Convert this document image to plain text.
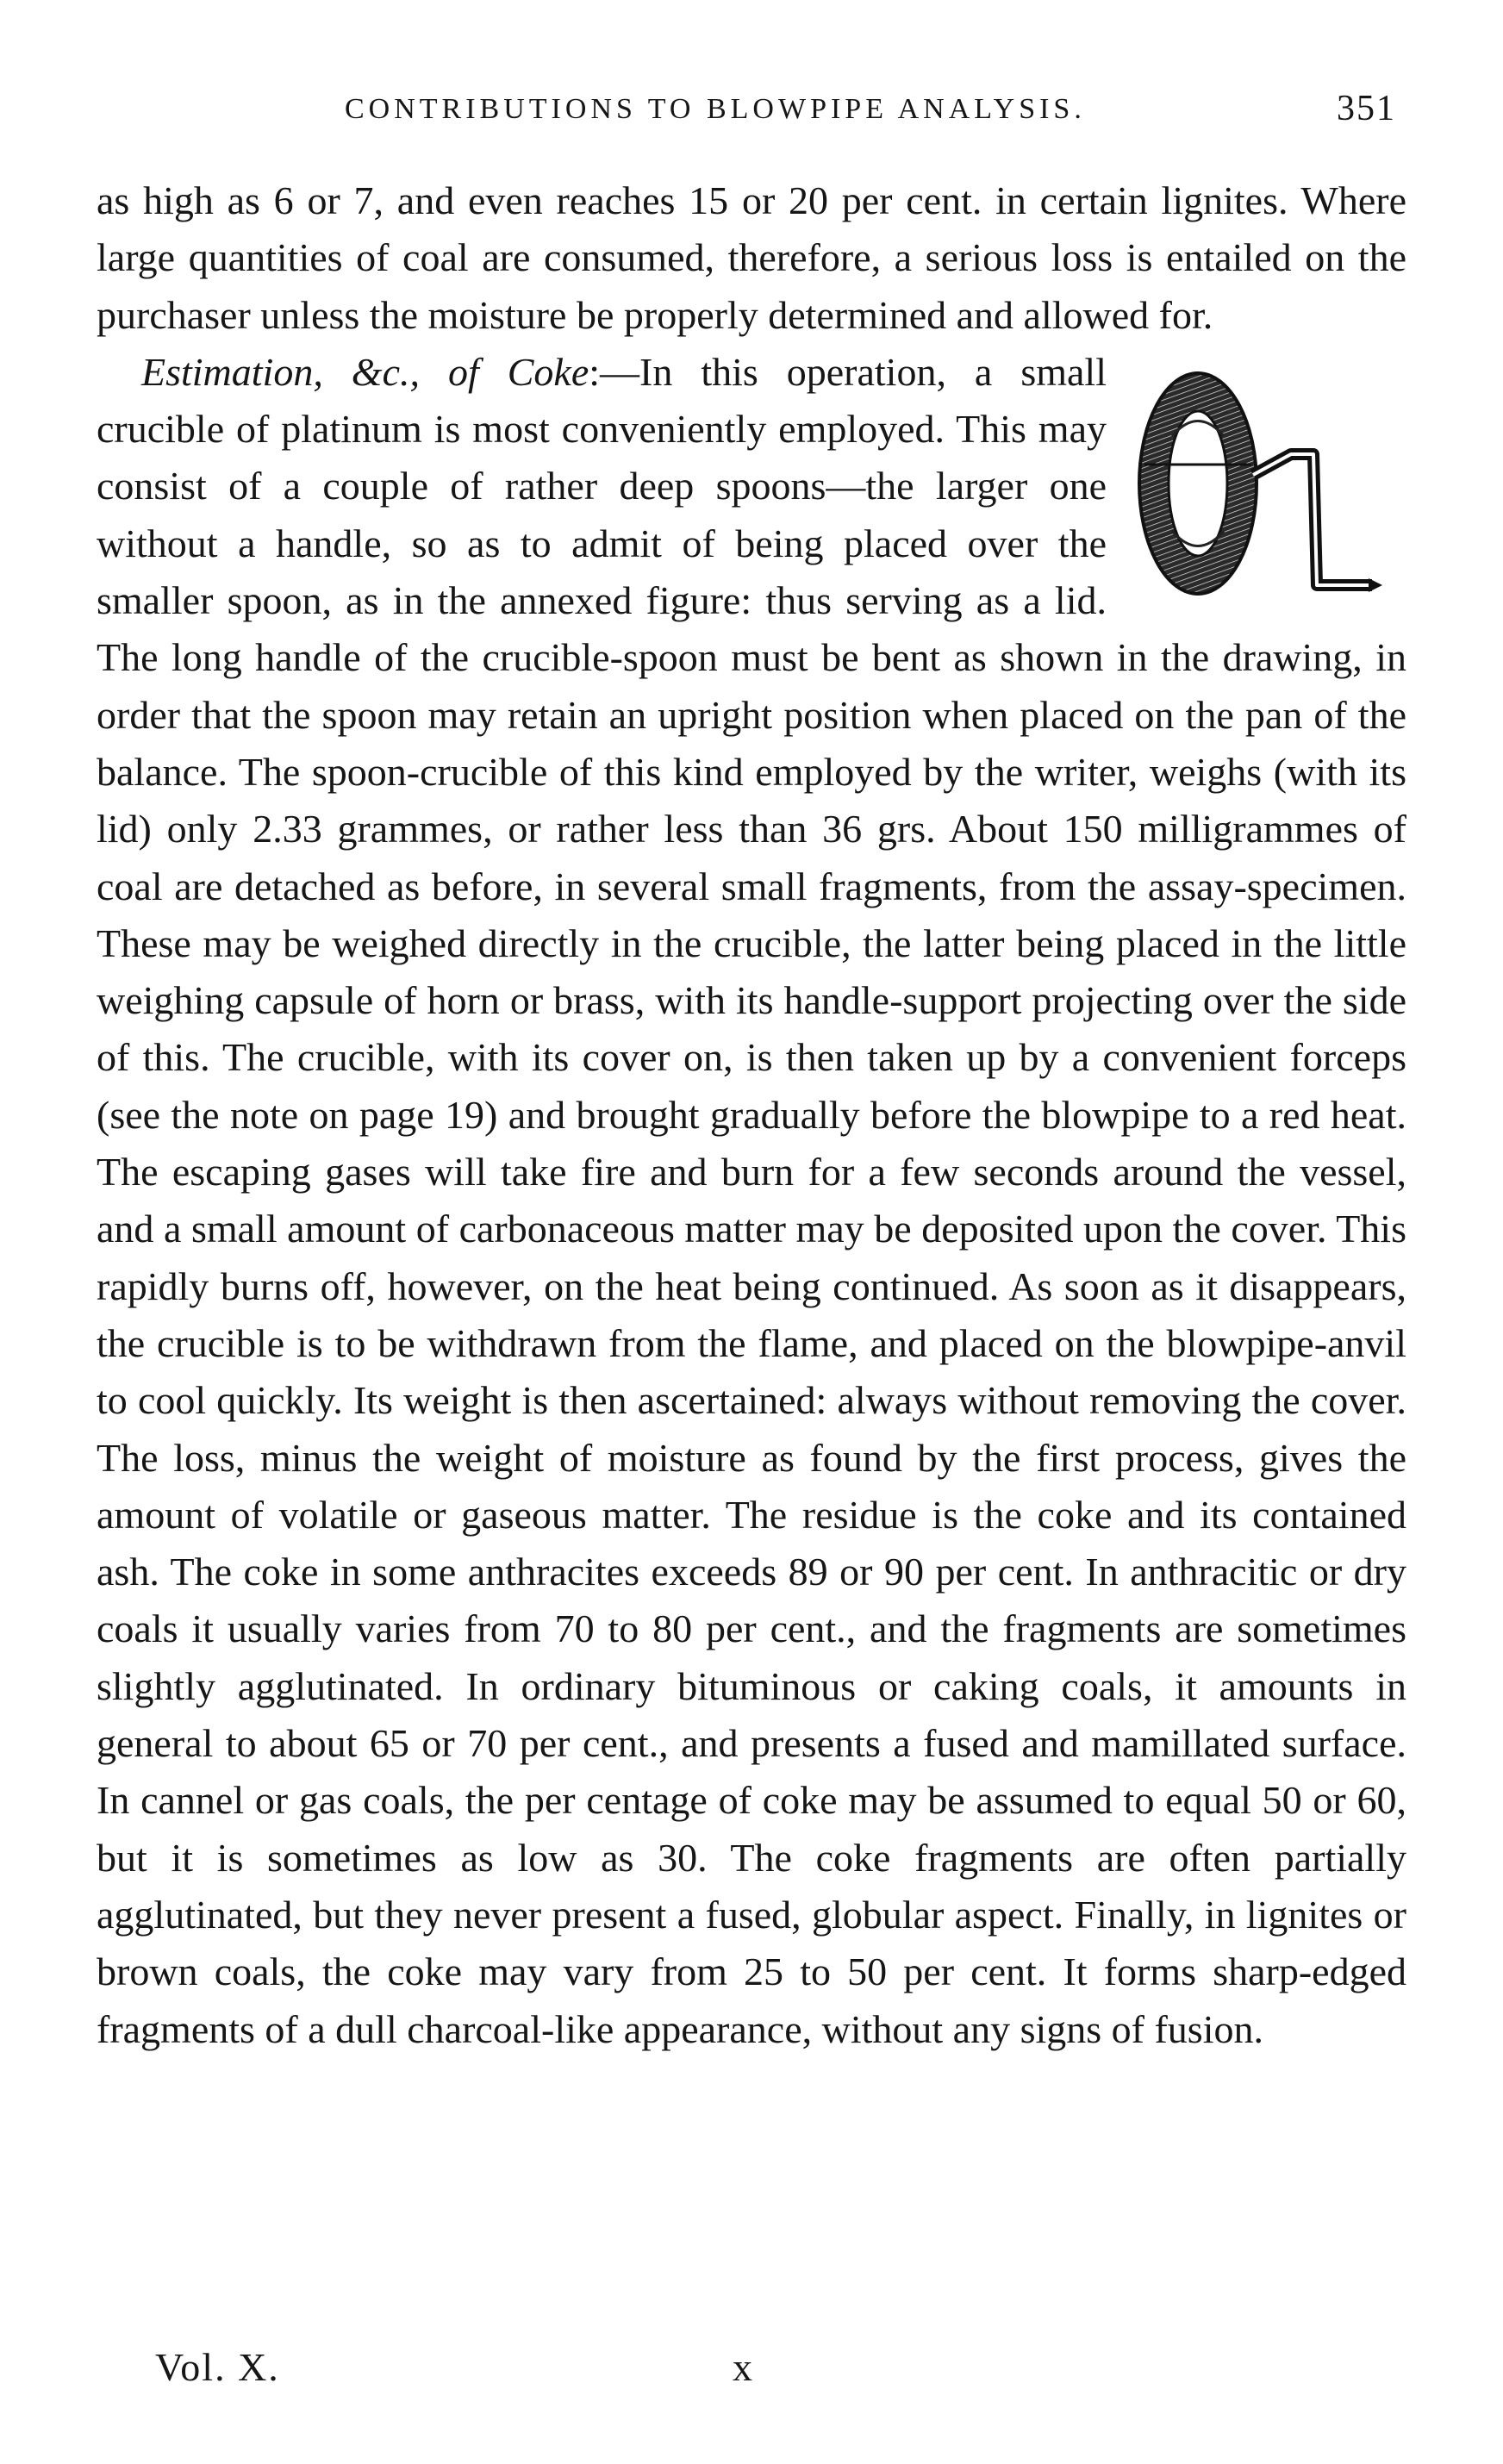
CONTRIBUTIONS TO BLOWPIPE ANALYSIS.	351

as high as 6 or 7, and even reaches 15 or 20 per cent. in certain lignites. Where large quantities of coal are consumed, therefore, a serious loss is entailed on the purchaser unless the moisture be properly determined and allowed for.

Estimation, &c., of Coke:—In this operation, a small crucible of platinum is most conveniently employed. This may consist of a couple of rather deep spoons—the larger one without a handle, so as to admit of being placed over the smaller spoon, as in the annexed figure: thus serving as a lid. The long handle of the crucible-spoon must be bent as shown in the drawing, in order that the spoon may retain an upright position when placed on the pan of the balance. The spoon-crucible of this kind employed by the writer, weighs (with its lid) only 2.33 grammes, or rather less than 36 grs. About 150 milligrammes of coal are detached as before, in several small fragments, from the assay-specimen. These may be weighed directly in the crucible, the latter being placed in the little weighing capsule of horn or brass, with its handle-support projecting over the side of this. The crucible, with its cover on, is then taken up by a convenient forceps (see the note on page 19) and brought gradually before the blowpipe to a red heat. The escaping gases will take fire and burn for a few seconds around the vessel, and a small amount of carbonaceous matter may be deposited upon the cover. This rapidly burns off, however, on the heat being continued. As soon as it disappears, the crucible is to be withdrawn from the flame, and placed on the blowpipe-anvil to cool quickly. Its weight is then ascertained: always without removing the cover. The loss, minus the weight of moisture as found by the first process, gives the amount of volatile or gaseous matter. The residue is the coke and its contained ash. The coke in some anthracites exceeds 89 or 90 per cent. In anthracitic or dry coals it usually varies from 70 to 80 per cent., and the fragments are sometimes slightly agglutinated. In ordinary bituminous or caking coals, it amounts in general to about 65 or 70 per cent., and presents a fused and mamillated surface. In cannel or gas coals, the per centage of coke may be assumed to equal 50 or 60, but it is sometimes as low as 30. The coke fragments are often partially agglutinated, but they never present a fused, globular aspect. Finally, in lignites or brown coals, the coke may vary from 25 to 50 per cent. It forms sharp-edged fragments of a dull charcoal-like appearance, without any signs of fusion.

Vol. X.	x
